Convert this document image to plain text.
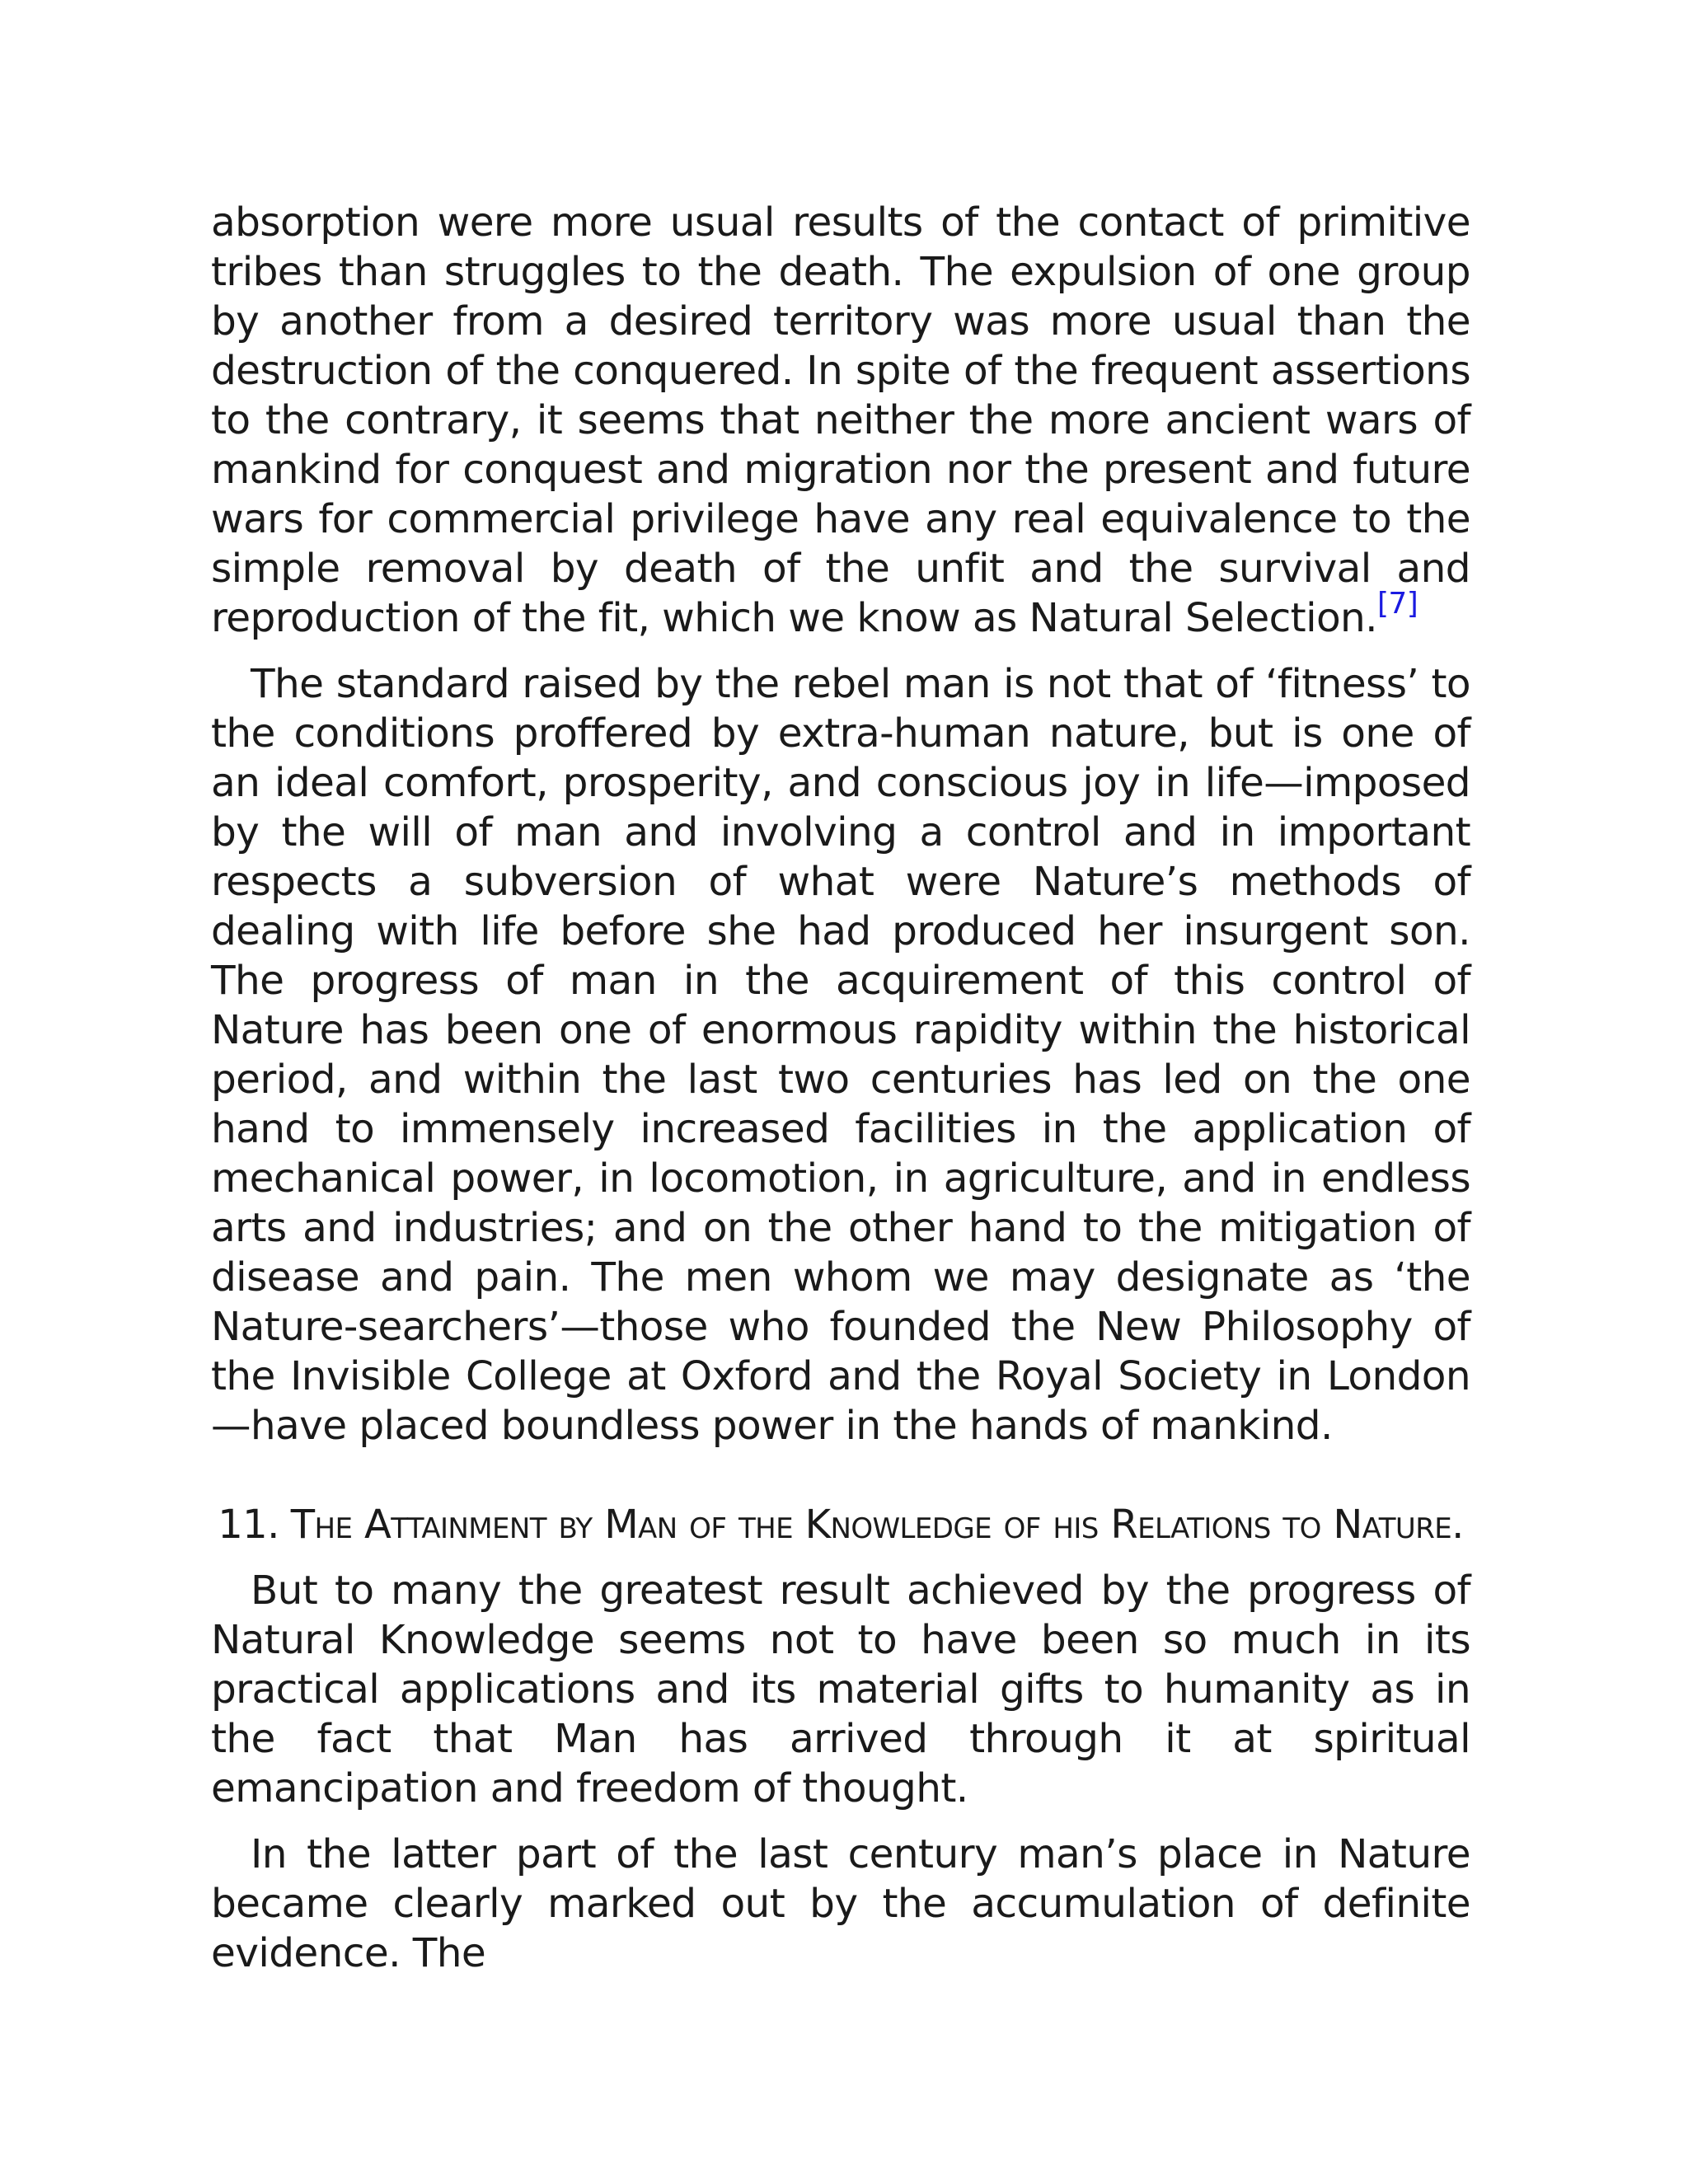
absorption were more usual results of the contact of primitive tribes than struggles to the death. The expulsion of one group by another from a desired territory was more usual than the destruction of the conquered. In spite of the frequent assertions to the contrary, it seems that neither the more ancient wars of mankind for conquest and migration nor the present and future wars for commercial privilege have any real equivalence to the simple removal by death of the unfit and the survival and reproduction of the fit, which we know as Natural Selection.[7]

The standard raised by the rebel man is not that of ‘fitness’ to the conditions proffered by extra-human nature, but is one of an ideal comfort, prosperity, and conscious joy in life—imposed by the will of man and involving a control and in important respects a subversion of what were Nature’s methods of dealing with life before she had produced her insurgent son. The progress of man in the acquirement of this control of Nature has been one of enormous rapidity within the historical period, and within the last two centuries has led on the one hand to immensely increased facilities in the application of mechanical power, in locomotion, in agriculture, and in endless arts and industries; and on the other hand to the mitigation of disease and pain. The men whom we may designate as ‘the Nature-searchers’—those who founded the New Philosophy of the Invisible College at Oxford and the Royal Society in London—have placed boundless power in the hands of mankind.

11. The Attainment by Man of the Knowledge of his Relations to Nature.

But to many the greatest result achieved by the progress of Natural Knowledge seems not to have been so much in its practical applications and its material gifts to humanity as in the fact that Man has arrived through it at spiritual emancipation and freedom of thought.

In the latter part of the last century man’s place in Nature became clearly marked out by the accumulation of definite evidence. The
